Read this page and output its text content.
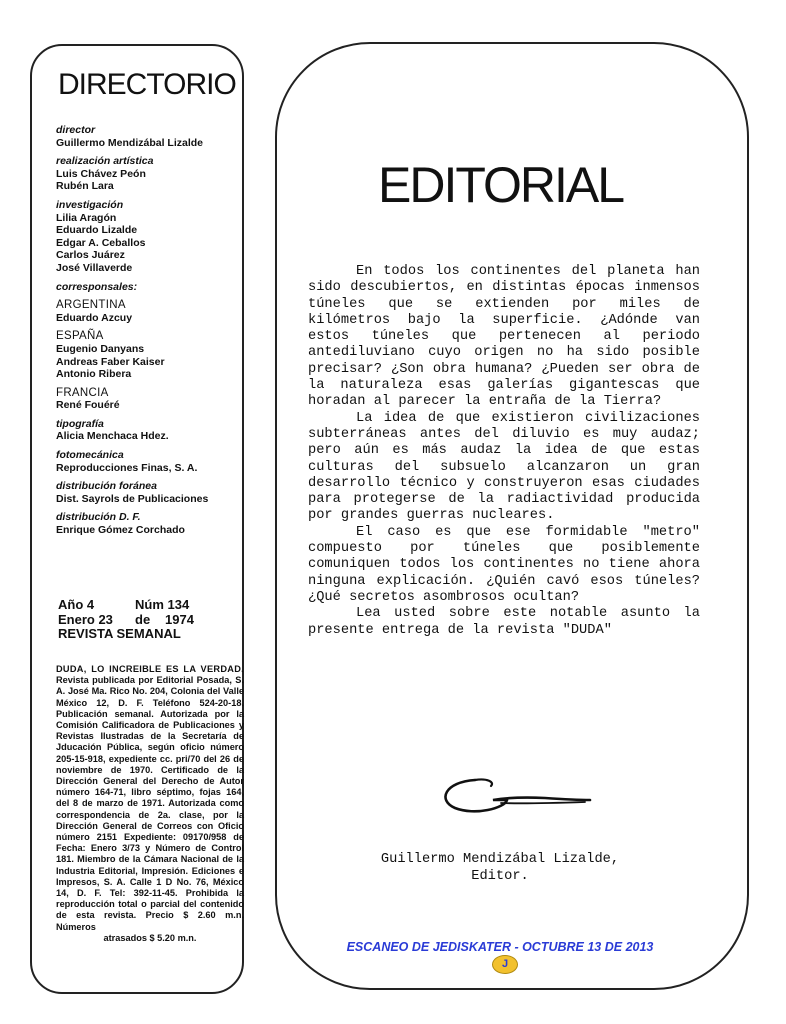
DIRECTORIO
director
Guillermo Mendizábal Lizalde
realización artística
Luis Chávez Peón
Rubén Lara
investigación
Lilia Aragón
Eduardo Lizalde
Edgar A. Ceballos
Carlos Juárez
José Villaverde
corresponsales:
ARGENTINA
Eduardo Azcuy
ESPAÑA
Eugenio Danyans
Andreas Faber Kaiser
Antonio Ribera
FRANCIA
René Fouéré
tipografía
Alicia Menchaca Hdez.
fotomecánica
Reproducciones Finas, S. A.
distribución foránea
Dist. Sayrols de Publicaciones
distribución D. F.
Enrique Gómez Corchado
Año 4	Núm 134
Enero 23	de 1974
REVISTA SEMANAL
DUDA, LO INCREIBLE ES LA VERDAD. Revista publicada por Editorial Posada, S. A. José Ma. Rico No. 204, Colonia del Valle México 12, D. F. Teléfono 524-20-18. Publicación semanal. Autorizada por la Comisión Calificadora de Publicaciones y Revistas Ilustradas de la Secretaría de Jducación Pública, según oficio número 205-15-918, expediente cc. pri/70 del 26 de noviembre de 1970. Certificado de la Dirección General del Derecho de Autor número 164-71, libro séptimo, fojas 164, del 8 de marzo de 1971. Autorizada como correspondencia de 2a. clase, por la Dirección General de Correos con Oficio número 2151 Expediente: 09170/958 de Fecha: Enero 3/73 y Número de Control 181. Miembro de la Cámara Nacional de la Industria Editorial, Impresión. Ediciones e Impresos, S. A. Calle 1 D No. 76, México 14, D. F. Tel: 392-11-45. Prohibida la reproducción total o parcial del contenido de esta revista. Precio $ 2.60 m.n. Números
atrasados $ 5.20 m.n.
EDITORIAL

En todos los continentes del planeta han sido descubiertos, en distintas épocas inmensos túneles que se extienden por miles de kilómetros bajo la superficie. ¿Adónde van estos túneles que pertenecen al periodo antediluviano cuyo origen no ha sido posible precisar? ¿Son obra humana? ¿Pueden ser obra de la naturaleza esas galerías gigantescas que horadan al parecer la entraña de la Tierra?

La idea de que existieron civilizaciones subterráneas antes del diluvio es muy audaz; pero aún es más audaz la idea de que estas culturas del subsuelo alcanzaron un gran desarrollo técnico y construyeron esas ciudades para protegerse de la radiactividad producida por grandes guerras nucleares.

El caso es que ese formidable "metro" compuesto por túneles que posiblemente comuniquen todos los continentes no tiene ahora ninguna explicación. ¿Quién cavó esos túneles? ¿Qué secretos asombrosos ocultan?

Lea usted sobre este notable asunto la presente entrega de la revista "DUDA"

Guillermo Mendizábal Lizalde,
Editor.
ESCANEO DE JEDISKATER - OCTUBRE 13 DE 2013
J
